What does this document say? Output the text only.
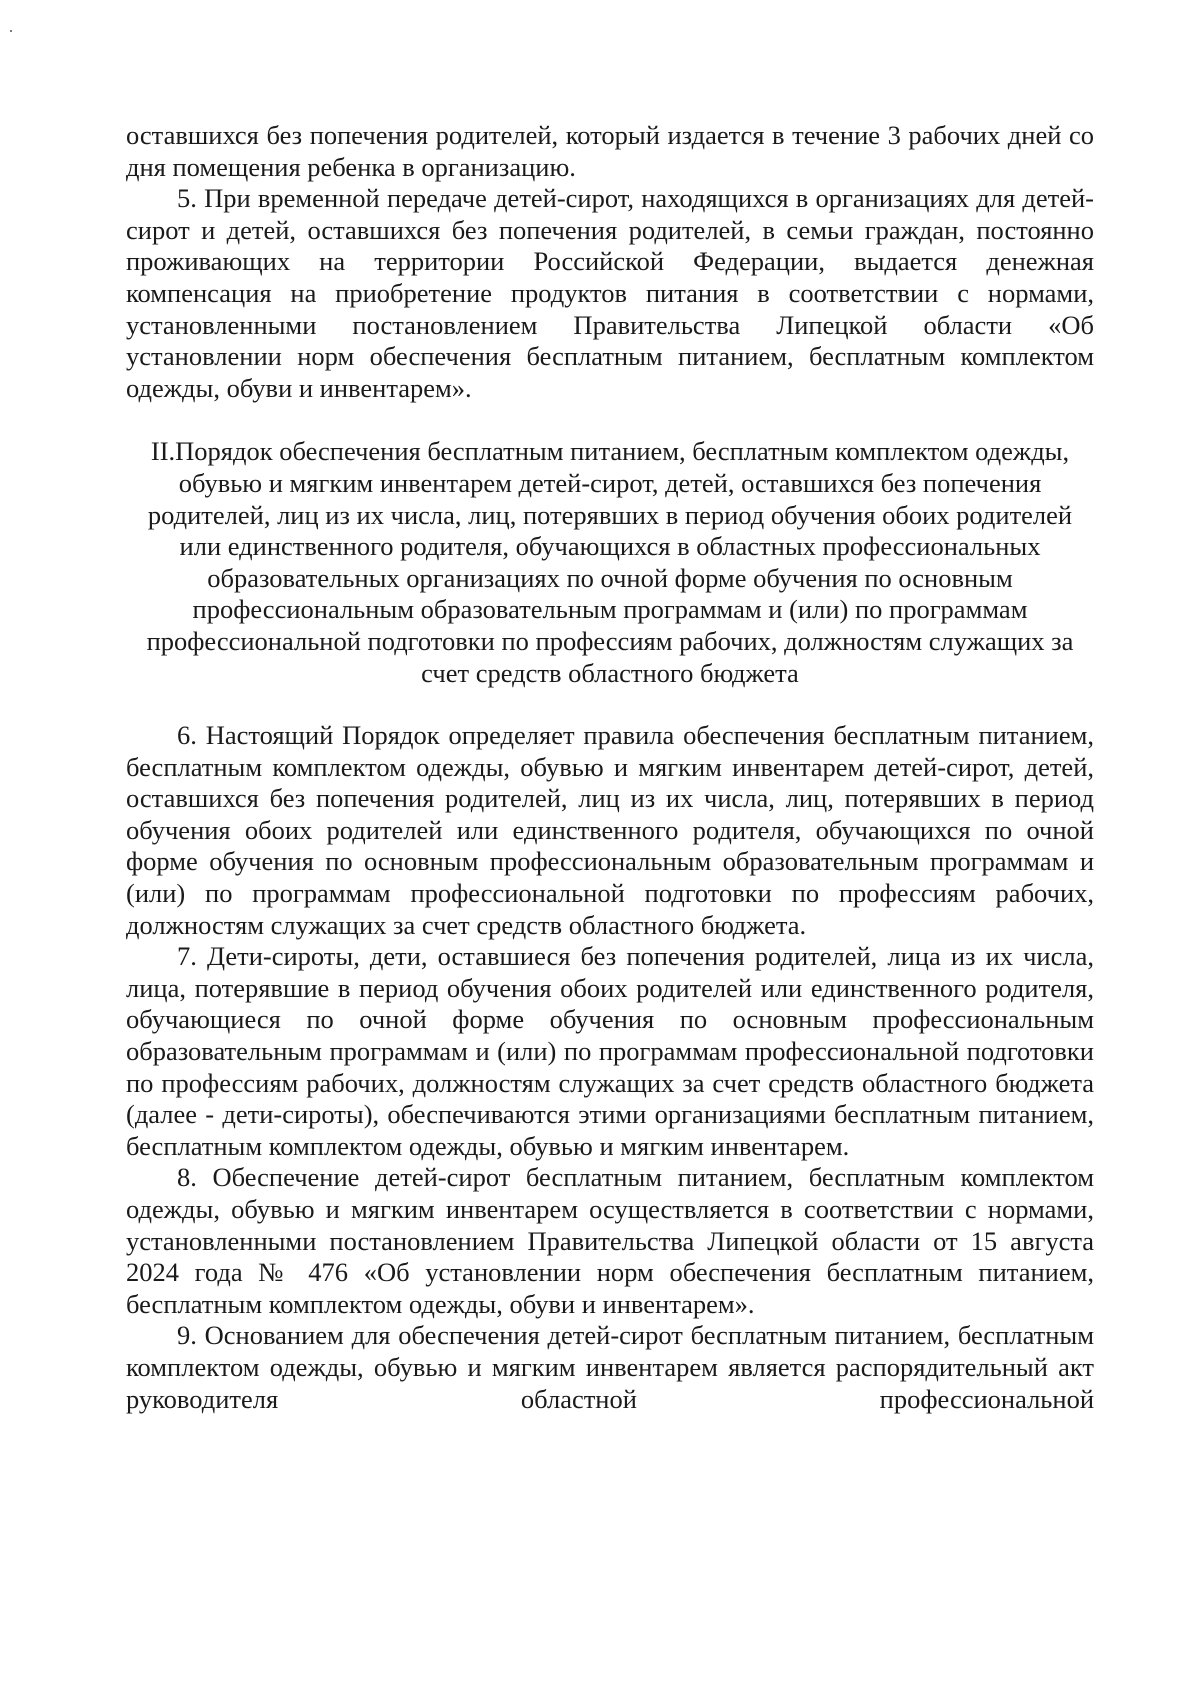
оставшихся без попечения родителей, который издается в течение 3 рабочих дней со дня помещения ребенка в организацию.

5. При временной передаче детей-сирот, находящихся в организациях для детей-сирот и детей, оставшихся без попечения родителей, в семьи граждан, постоянно проживающих на территории Российской Федерации, выдается денежная компенсация на приобретение продуктов питания в соответствии с нормами, установленными постановлением Правительства Липецкой области «Об установлении норм обеспечения бесплатным питанием, бесплатным комплектом одежды, обуви и инвентарем».

II.Порядок обеспечения бесплатным питанием, бесплатным комплектом одежды, обувью и мягким инвентарем детей-сирот, детей, оставшихся без попечения родителей, лиц из их числа, лиц, потерявших в период обучения обоих родителей или единственного родителя, обучающихся в областных профессиональных образовательных организациях по очной форме обучения по основным профессиональным образовательным программам и (или) по программам профессиональной подготовки по профессиям рабочих, должностям служащих за счет средств областного бюджета

6. Настоящий Порядок определяет правила обеспечения бесплатным питанием, бесплатным комплектом одежды, обувью и мягким инвентарем детей-сирот, детей, оставшихся без попечения родителей, лиц из их числа, лиц, потерявших в период обучения обоих родителей или единственного родителя, обучающихся по очной форме обучения по основным профессиональным образовательным программам и (или) по программам профессиональной подготовки по профессиям рабочих, должностям служащих за счет средств областного бюджета.

7. Дети-сироты, дети, оставшиеся без попечения родителей, лица из их числа, лица, потерявшие в период обучения обоих родителей или единственного родителя, обучающиеся по очной форме обучения по основным профессиональным образовательным программам и (или) по программам профессиональной подготовки по профессиям рабочих, должностям служащих за счет средств областного бюджета (далее - дети-сироты), обеспечиваются этими организациями бесплатным питанием, бесплатным комплектом одежды, обувью и мягким инвентарем.

8. Обеспечение детей-сирот бесплатным питанием, бесплатным комплектом одежды, обувью и мягким инвентарем осуществляется в соответствии с нормами, установленными постановлением Правительства Липецкой области от 15 августа 2024 года № 476 «Об установлении норм обеспечения бесплатным питанием, бесплатным комплектом одежды, обуви и инвентарем».

9. Основанием для обеспечения детей-сирот бесплатным питанием, бесплатным комплектом одежды, обувью и мягким инвентарем является распорядительный акт руководителя областной профессиональной
